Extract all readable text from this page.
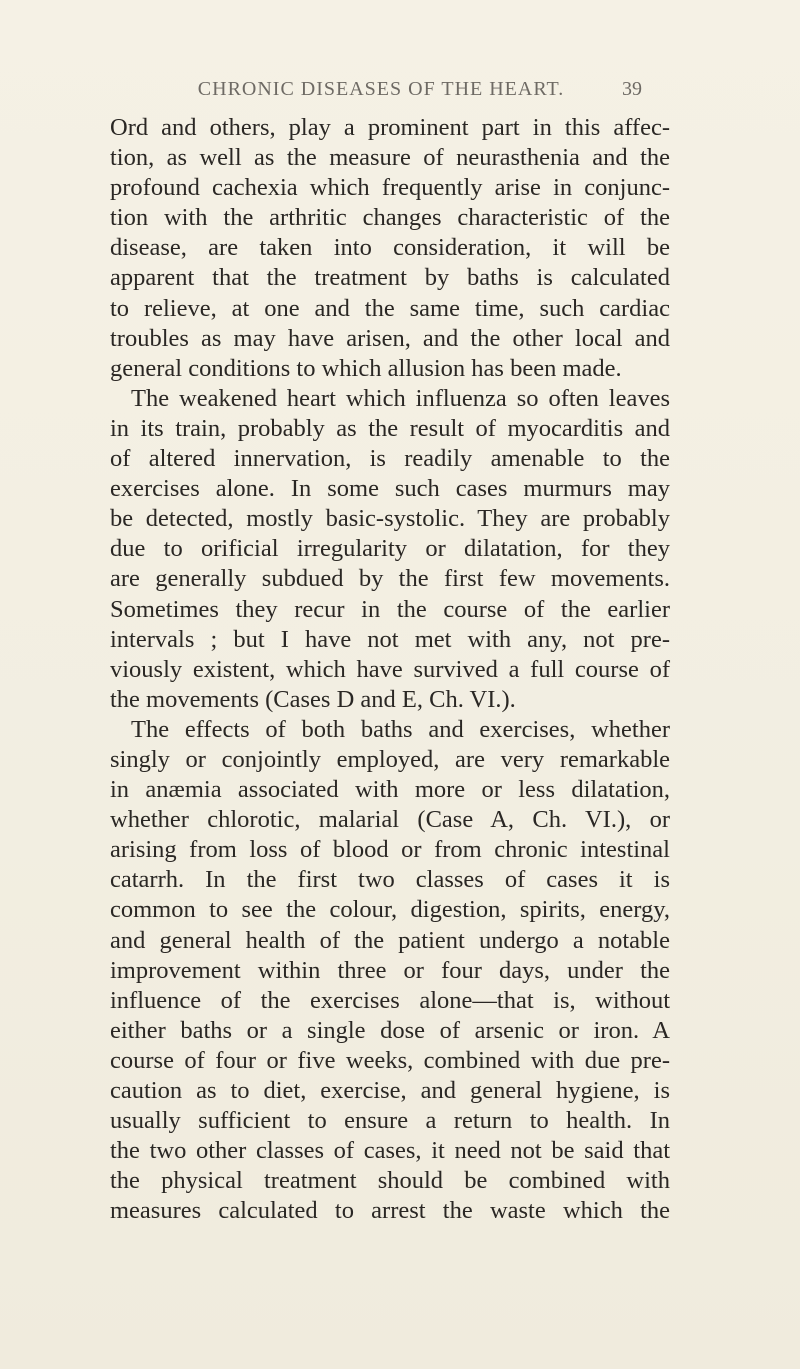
CHRONIC DISEASES OF THE HEART.	39
Ord and others, play a prominent part in this affec-
tion, as well as the measure of neurasthenia and the
profound cachexia which frequently arise in conjunc-
tion with the arthritic changes characteristic of the
disease, are taken into consideration, it will be
apparent that the treatment by baths is calculated
to relieve, at one and the same time, such cardiac
troubles as may have arisen, and the other local and
general conditions to which allusion has been made.
The weakened heart which influenza so often leaves
in its train, probably as the result of myocarditis and
of altered innervation, is readily amenable to the
exercises alone. In some such cases murmurs may
be detected, mostly basic-systolic. They are probably
due to orificial irregularity or dilatation, for they
are generally subdued by the first few movements.
Sometimes they recur in the course of the earlier
intervals ; but I have not met with any, not pre-
viously existent, which have survived a full course of
the movements (Cases D and E, Ch. VI.).
The effects of both baths and exercises, whether
singly or conjointly employed, are very remarkable
in anæmia associated with more or less dilatation,
whether chlorotic, malarial (Case A, Ch. VI.), or
arising from loss of blood or from chronic intestinal
catarrh. In the first two classes of cases it is
common to see the colour, digestion, spirits, energy,
and general health of the patient undergo a notable
improvement within three or four days, under the
influence of the exercises alone—that is, without
either baths or a single dose of arsenic or iron. A
course of four or five weeks, combined with due pre-
caution as to diet, exercise, and general hygiene, is
usually sufficient to ensure a return to health. In
the two other classes of cases, it need not be said that
the physical treatment should be combined with
measures calculated to arrest the waste which the
